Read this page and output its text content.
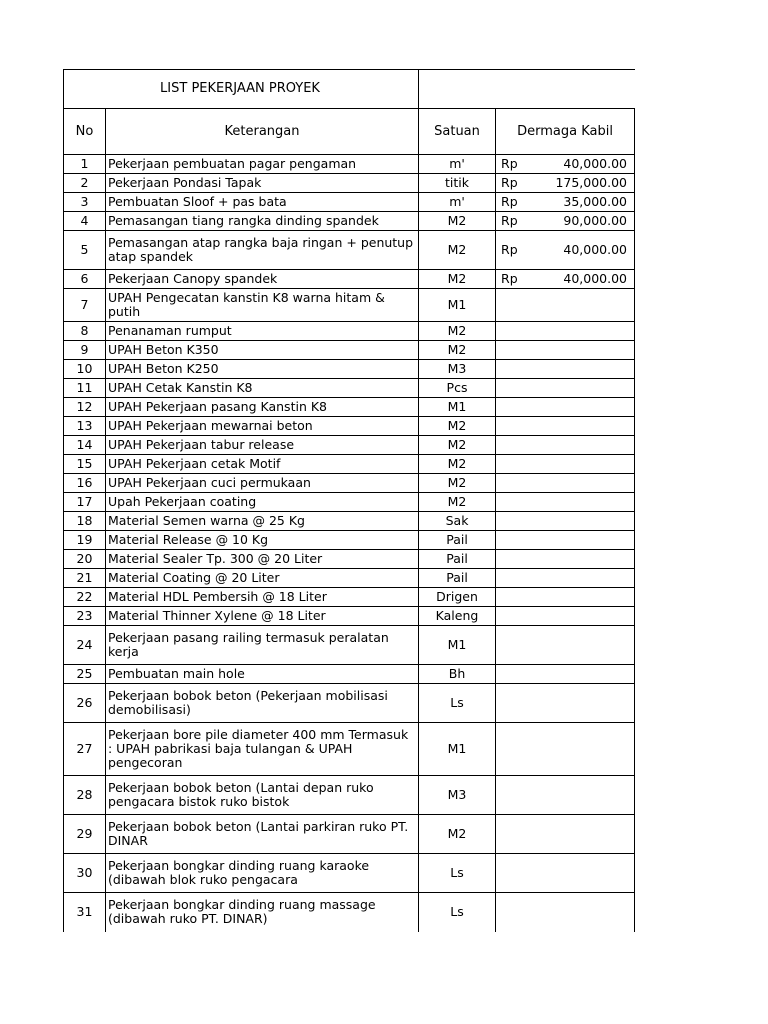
LIST PEKERJAAN PROYEK			
No	Keterangan	Satuan	Dermaga Kabil
1	Pekerjaan pembuatan pagar pengaman	m'	Rp 40,000.00

2	Pekerjaan Pondasi Tapak	titik	Rp 175,000.00

3	Pembuatan Sloof + pas bata	m'	Rp 35,000.00

4	Pemasangan tiang rangka dinding spandek	M2	Rp 90,000.00

5	Pemasangan atap rangka baja ringan + penutup atap spandek	M2	Rp 40,000.00

6	Pekerjaan Canopy spandek	M2	Rp 40,000.00

7	UPAH Pengecatan kanstin K8 warna hitam & putih	M1	

8	Penanaman rumput	M2	

9	UPAH Beton K350	M2	

10	UPAH Beton K250	M3	

11	UPAH Cetak Kanstin K8	Pcs	

12	UPAH Pekerjaan pasang Kanstin K8	M1	

13	UPAH Pekerjaan mewarnai beton	M2	

14	UPAH Pekerjaan tabur release	M2	

15	UPAH Pekerjaan cetak Motif	M2	

16	UPAH Pekerjaan cuci permukaan	M2	

17	Upah Pekerjaan coating	M2	

18	Material Semen warna @ 25 Kg	Sak	

19	Material Release @ 10 Kg	Pail	

20	Material Sealer Tp. 300 @ 20 Liter	Pail	

21	Material Coating @ 20 Liter	Pail	

22	Material HDL Pembersih @ 18 Liter	Drigen	

23	Material Thinner Xylene @ 18 Liter	Kaleng	

24	Pekerjaan pasang railing termasuk peralatan kerja	M1	

25	Pembuatan main hole	Bh	

26	Pekerjaan bobok beton (Pekerjaan mobilisasi demobilisasi)	Ls	

27	Pekerjaan bore pile diameter 400 mm Termasuk : UPAH pabrikasi baja tulangan & UPAH pengecoran	M1	

28	Pekerjaan bobok beton (Lantai depan ruko pengacara bistok ruko bistok	M3	

29	Pekerjaan bobok beton (Lantai parkiran ruko PT. DINAR	M2	

30	Pekerjaan bongkar dinding ruang karaoke (dibawah blok ruko pengacara	Ls	

31	Pekerjaan bongkar dinding ruang massage (dibawah ruko PT. DINAR)	Ls	
